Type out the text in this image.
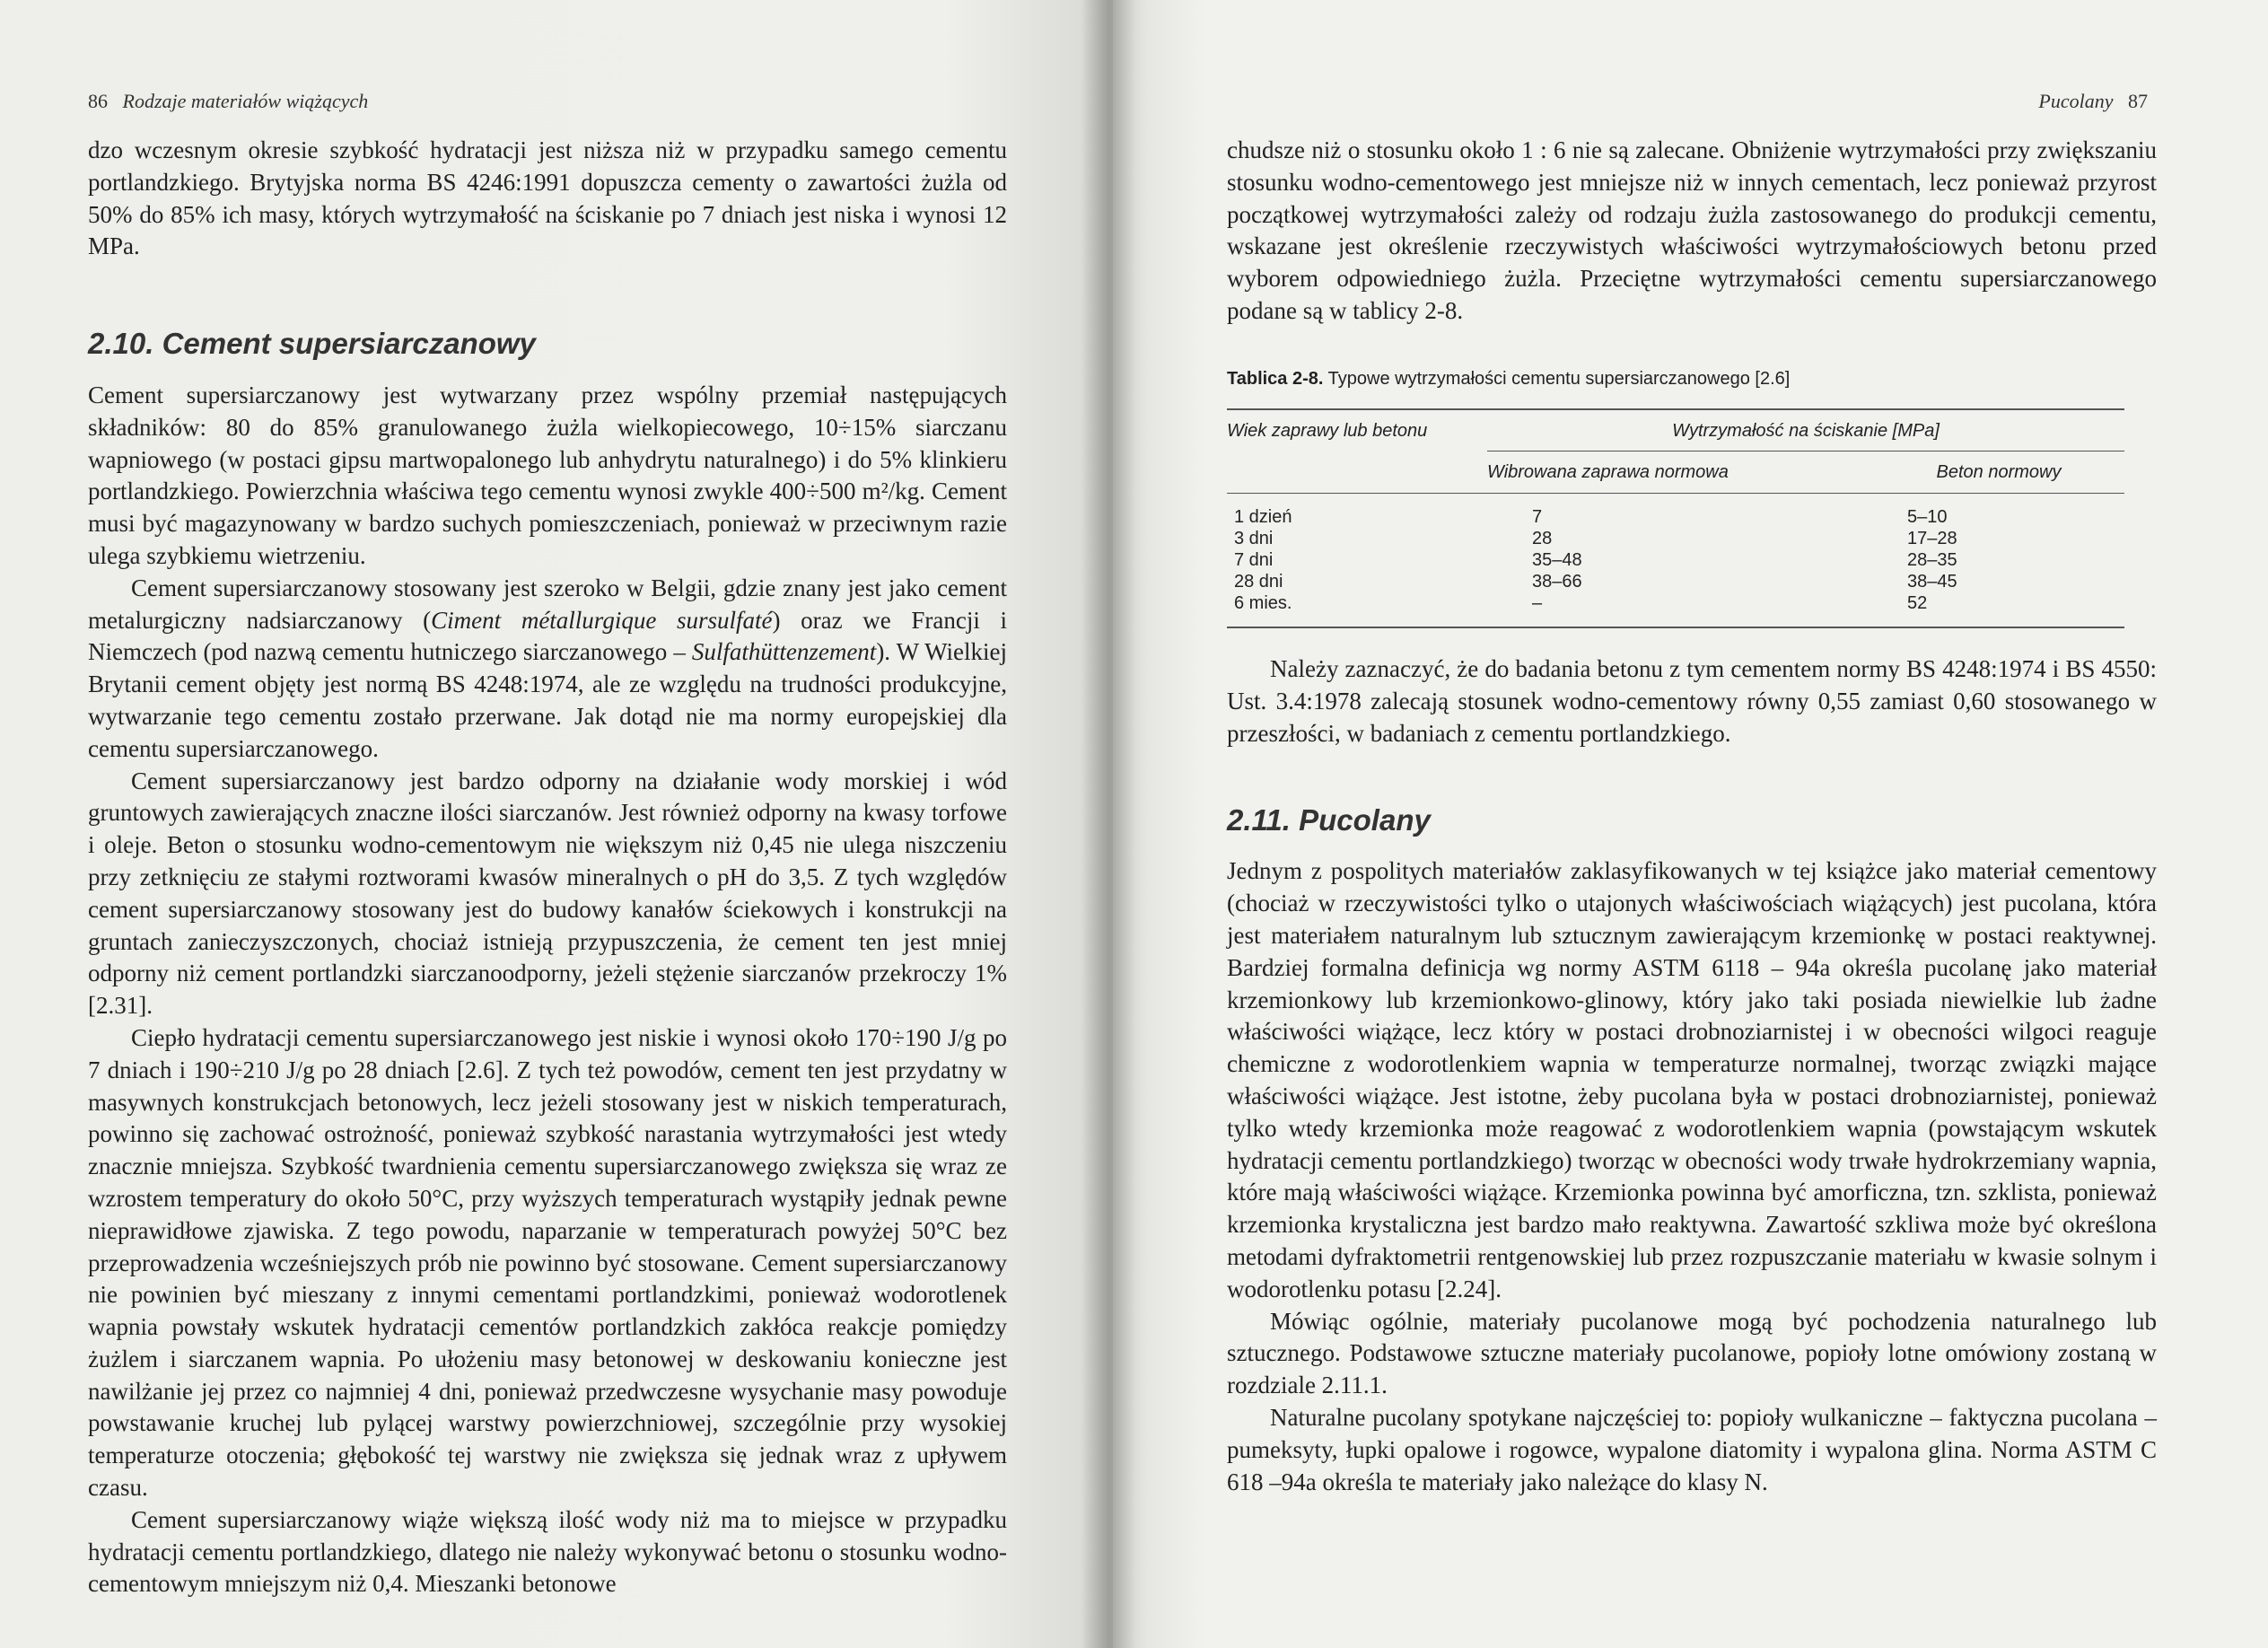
86 Rodzaje materiałów wiążących

dzo wczesnym okresie szybkość hydratacji jest niższa niż w przypadku samego cementu portlandzkiego. Brytyjska norma BS 4246:1991 dopuszcza cementy o zawartości żużla od 50% do 85% ich masy, których wytrzymałość na ściskanie po 7 dniach jest niska i wynosi 12 MPa.

2.10. Cement supersiarczanowy

Cement supersiarczanowy jest wytwarzany przez wspólny przemiał następujących składników: 80 do 85% granulowanego żużla wielkopiecowego, 10÷15% siarczanu wapniowego (w postaci gipsu martwopalonego lub anhydrytu naturalnego) i do 5% klinkieru portlandzkiego. Powierzchnia właściwa tego cementu wynosi zwykle 400÷500 m²/kg. Cement musi być magazynowany w bardzo suchych pomieszczeniach, ponieważ w przeciwnym razie ulega szybkiemu wietrzeniu.

Cement supersiarczanowy stosowany jest szeroko w Belgii, gdzie znany jest jako cement metalurgiczny nadsiarczanowy (Ciment métallurgique sursulfaté) oraz we Francji i Niemczech (pod nazwą cementu hutniczego siarczanowego – Sulfathüttenzement). W Wielkiej Brytanii cement objęty jest normą BS 4248:1974, ale ze względu na trudności produkcyjne, wytwarzanie tego cementu zostało przerwane. Jak dotąd nie ma normy europejskiej dla cementu supersiarczanowego.

Cement supersiarczanowy jest bardzo odporny na działanie wody morskiej i wód gruntowych zawierających znaczne ilości siarczanów. Jest również odporny na kwasy torfowe i oleje. Beton o stosunku wodno-cementowym nie większym niż 0,45 nie ulega niszczeniu przy zetknięciu ze stałymi roztworami kwasów mineralnych o pH do 3,5. Z tych względów cement supersiarczanowy stosowany jest do budowy kanałów ściekowych i konstrukcji na gruntach zanieczyszczonych, chociaż istnieją przypuszczenia, że cement ten jest mniej odporny niż cement portlandzki siarczanoodporny, jeżeli stężenie siarczanów przekroczy 1% [2.31].

Ciepło hydratacji cementu supersiarczanowego jest niskie i wynosi około 170÷190 J/g po 7 dniach i 190÷210 J/g po 28 dniach [2.6]. Z tych też powodów, cement ten jest przydatny w masywnych konstrukcjach betonowych, lecz jeżeli stosowany jest w niskich temperaturach, powinno się zachować ostrożność, ponieważ szybkość narastania wytrzymałości jest wtedy znacznie mniejsza. Szybkość twardnienia cementu supersiarczanowego zwiększa się wraz ze wzrostem temperatury do około 50°C, przy wyższych temperaturach wystąpiły jednak pewne nieprawidłowe zjawiska. Z tego powodu, naparzanie w temperaturach powyżej 50°C bez przeprowadzenia wcześniejszych prób nie powinno być stosowane. Cement supersiarczanowy nie powinien być mieszany z innymi cementami portlandzkimi, ponieważ wodorotlenek wapnia powstały wskutek hydratacji cementów portlandzkich zakłóca reakcje pomiędzy żużlem i siarczanem wapnia. Po ułożeniu masy betonowej w deskowaniu konieczne jest nawilżanie jej przez co najmniej 4 dni, ponieważ przedwczesne wysychanie masy powoduje powstawanie kruchej lub pylącej warstwy powierzchniowej, szczególnie przy wysokiej temperaturze otoczenia; głębokość tej warstwy nie zwiększa się jednak wraz z upływem czasu.

Cement supersiarczanowy wiąże większą ilość wody niż ma to miejsce w przypadku hydratacji cementu portlandzkiego, dlatego nie należy wykonywać betonu o stosunku wodno-cementowym mniejszym niż 0,4. Mieszanki betonowe

Pucolany 87

chudsze niż o stosunku około 1 : 6 nie są zalecane. Obniżenie wytrzymałości przy zwiększaniu stosunku wodno-cementowego jest mniejsze niż w innych cementach, lecz ponieważ przyrost początkowej wytrzymałości zależy od rodzaju żużla zastosowanego do produkcji cementu, wskazane jest określenie rzeczywistych właściwości wytrzymałościowych betonu przed wyborem odpowiedniego żużla. Przeciętne wytrzymałości cementu supersiarczanowego podane są w tablicy 2-8.

Tablica 2-8. Typowe wytrzymałości cementu supersiarczanowego [2.6]
Wiek zaprawy lub betonu	Wytrzymałość na ściskanie [MPa]	
	Wibrowana zaprawa normowa	Beton normowy
1 dzień	7	5–10
3 dni	28	17–28
7 dni	35–48	28–35
28 dni	38–66	38–45
6 mies.	–	52

Należy zaznaczyć, że do badania betonu z tym cementem normy BS 4248:1974 i BS 4550: Ust. 3.4:1978 zalecają stosunek wodno-cementowy równy 0,55 zamiast 0,60 stosowanego w przeszłości, w badaniach z cementu portlandzkiego.

2.11. Pucolany

Jednym z pospolitych materiałów zaklasyfikowanych w tej książce jako materiał cementowy (chociaż w rzeczywistości tylko o utajonych właściwościach wiążących) jest pucolana, która jest materiałem naturalnym lub sztucznym zawierającym krzemionkę w postaci reaktywnej. Bardziej formalna definicja wg normy ASTM 6118 – 94a określa pucolanę jako materiał krzemionkowy lub krzemionkowo-glinowy, który jako taki posiada niewielkie lub żadne właściwości wiążące, lecz który w postaci drobnoziarnistej i w obecności wilgoci reaguje chemiczne z wodorotlenkiem wapnia w temperaturze normalnej, tworząc związki mające właściwości wiążące. Jest istotne, żeby pucolana była w postaci drobnoziarnistej, ponieważ tylko wtedy krzemionka może reagować z wodorotlenkiem wapnia (powstającym wskutek hydratacji cementu portlandzkiego) tworząc w obecności wody trwałe hydrokrzemiany wapnia, które mają właściwości wiążące. Krzemionka powinna być amorficzna, tzn. szklista, ponieważ krzemionka krystaliczna jest bardzo mało reaktywna. Zawartość szkliwa może być określona metodami dyfraktometrii rentgenowskiej lub przez rozpuszczanie materiału w kwasie solnym i wodorotlenku potasu [2.24].

Mówiąc ogólnie, materiały pucolanowe mogą być pochodzenia naturalnego lub sztucznego. Podstawowe sztuczne materiały pucolanowe, popioły lotne omówiony zostaną w rozdziale 2.11.1.

Naturalne pucolany spotykane najczęściej to: popioły wulkaniczne – faktyczna pucolana – pumeksyty, łupki opalowe i rogowce, wypalone diatomity i wypalona glina. Norma ASTM C 618 –94a określa te materiały jako należące do klasy N.
